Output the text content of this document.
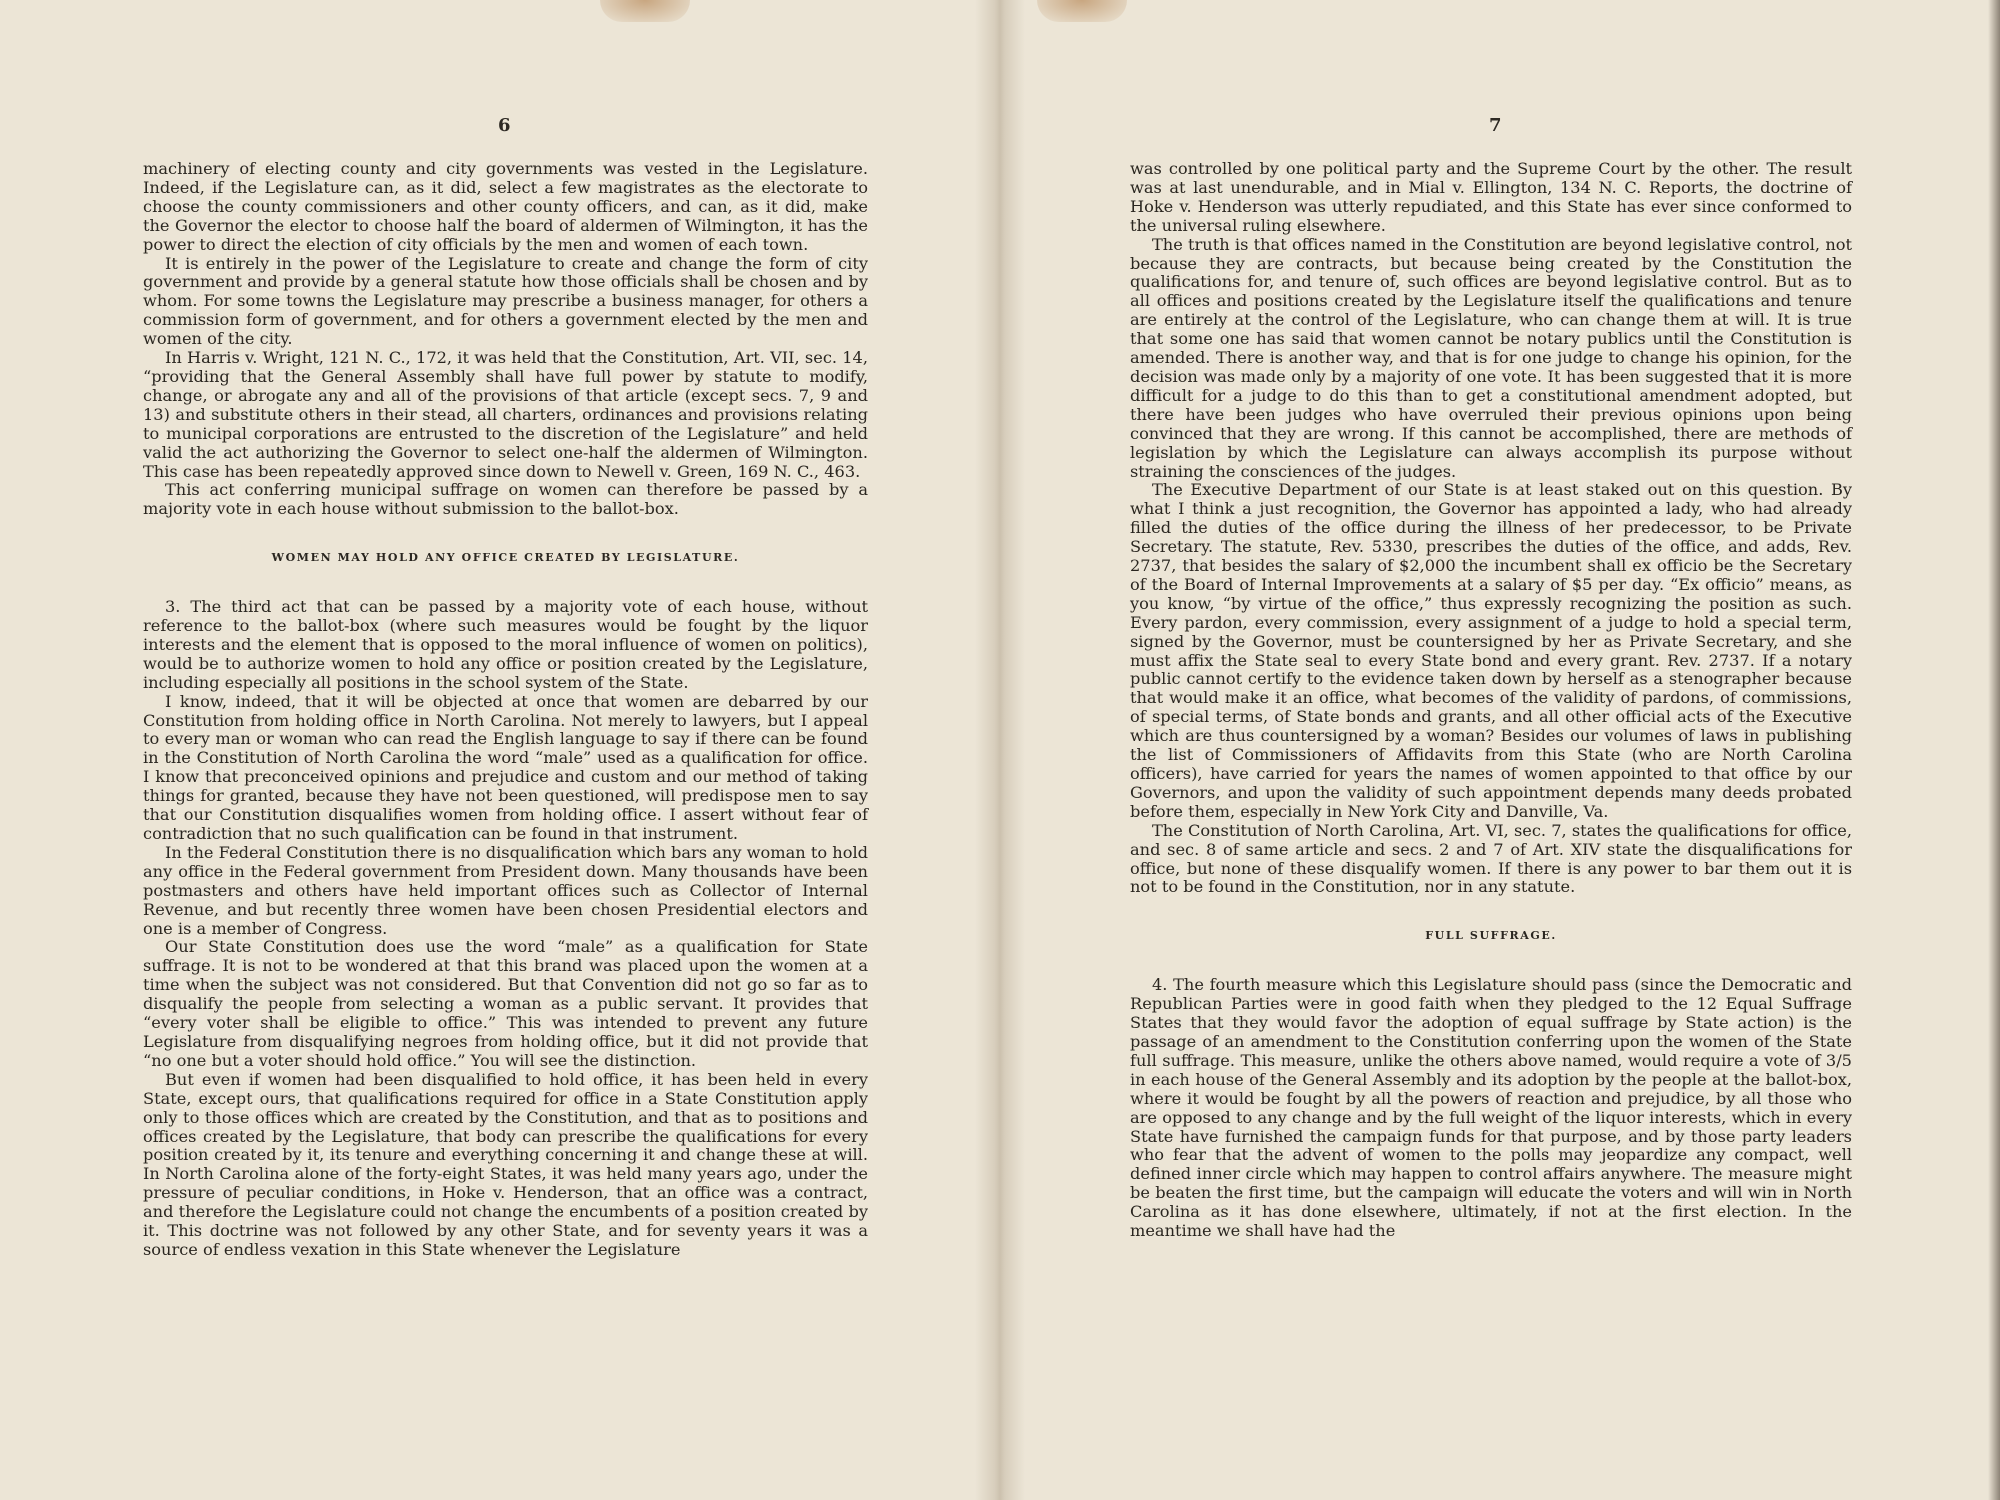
6

machinery of electing county and city governments was vested in the Legislature. Indeed, if the Legislature can, as it did, select a few magistrates as the electorate to choose the county commissioners and other county officers, and can, as it did, make the Governor the elector to choose half the board of aldermen of Wilmington, it has the power to direct the election of city officials by the men and women of each town.

It is entirely in the power of the Legislature to create and change the form of city government and provide by a general statute how those officials shall be chosen and by whom. For some towns the Legislature may prescribe a business manager, for others a commission form of government, and for others a government elected by the men and women of the city.

In Harris v. Wright, 121 N. C., 172, it was held that the Constitution, Art. VII, sec. 14, “providing that the General Assembly shall have full power by statute to modify, change, or abrogate any and all of the provisions of that article (except secs. 7, 9 and 13) and substitute others in their stead, all charters, ordinances and provisions relating to municipal corporations are entrusted to the discretion of the Legislature” and held valid the act authorizing the Governor to select one-half the aldermen of Wilmington. This case has been repeatedly approved since down to Newell v. Green, 169 N. C., 463.

This act conferring municipal suffrage on women can therefore be passed by a majority vote in each house without submission to the ballot-box.

WOMEN MAY HOLD ANY OFFICE CREATED BY LEGISLATURE.

3. The third act that can be passed by a majority vote of each house, without reference to the ballot-box (where such measures would be fought by the liquor interests and the element that is opposed to the moral influence of women on politics), would be to authorize women to hold any office or position created by the Legislature, including especially all positions in the school system of the State.

I know, indeed, that it will be objected at once that women are debarred by our Constitution from holding office in North Carolina. Not merely to lawyers, but I appeal to every man or woman who can read the English language to say if there can be found in the Constitution of North Carolina the word “male” used as a qualification for office. I know that preconceived opinions and prejudice and custom and our method of taking things for granted, because they have not been questioned, will predispose men to say that our Constitution disqualifies women from holding office. I assert without fear of contradiction that no such qualification can be found in that instrument.

In the Federal Constitution there is no disqualification which bars any woman to hold any office in the Federal government from President down. Many thousands have been postmasters and others have held important offices such as Collector of Internal Revenue, and but recently three women have been chosen Presidential electors and one is a member of Congress.

Our State Constitution does use the word “male” as a qualification for State suffrage. It is not to be wondered at that this brand was placed upon the women at a time when the subject was not considered. But that Convention did not go so far as to disqualify the people from selecting a woman as a public servant. It provides that “every voter shall be eligible to office.” This was intended to prevent any future Legislature from disqualifying negroes from holding office, but it did not provide that “no one but a voter should hold office.” You will see the distinction.

But even if women had been disqualified to hold office, it has been held in every State, except ours, that qualifications required for office in a State Constitution apply only to those offices which are created by the Constitution, and that as to positions and offices created by the Legislature, that body can prescribe the qualifications for every position created by it, its tenure and everything concerning it and change these at will. In North Carolina alone of the forty-eight States, it was held many years ago, under the pressure of peculiar conditions, in Hoke v. Henderson, that an office was a contract, and therefore the Legislature could not change the encumbents of a position created by it. This doctrine was not followed by any other State, and for seventy years it was a source of endless vexation in this State whenever the Legislature

7

was controlled by one political party and the Supreme Court by the other. The result was at last unendurable, and in Mial v. Ellington, 134 N. C. Reports, the doctrine of Hoke v. Henderson was utterly repudiated, and this State has ever since conformed to the universal ruling elsewhere.

The truth is that offices named in the Constitution are beyond legislative control, not because they are contracts, but because being created by the Constitution the qualifications for, and tenure of, such offices are beyond legislative control. But as to all offices and positions created by the Legislature itself the qualifications and tenure are entirely at the control of the Legislature, who can change them at will. It is true that some one has said that women cannot be notary publics until the Constitution is amended. There is another way, and that is for one judge to change his opinion, for the decision was made only by a majority of one vote. It has been suggested that it is more difficult for a judge to do this than to get a constitutional amendment adopted, but there have been judges who have overruled their previous opinions upon being convinced that they are wrong. If this cannot be accomplished, there are methods of legislation by which the Legislature can always accomplish its purpose without straining the consciences of the judges.

The Executive Department of our State is at least staked out on this question. By what I think a just recognition, the Governor has appointed a lady, who had already filled the duties of the office during the illness of her predecessor, to be Private Secretary. The statute, Rev. 5330, prescribes the duties of the office, and adds, Rev. 2737, that besides the salary of $2,000 the incumbent shall ex officio be the Secretary of the Board of Internal Improvements at a salary of $5 per day. “Ex officio” means, as you know, “by virtue of the office,” thus expressly recognizing the position as such. Every pardon, every commission, every assignment of a judge to hold a special term, signed by the Governor, must be countersigned by her as Private Secretary, and she must affix the State seal to every State bond and every grant. Rev. 2737. If a notary public cannot certify to the evidence taken down by herself as a stenographer because that would make it an office, what becomes of the validity of pardons, of commissions, of special terms, of State bonds and grants, and all other official acts of the Executive which are thus countersigned by a woman? Besides our volumes of laws in publishing the list of Commissioners of Affidavits from this State (who are North Carolina officers), have carried for years the names of women appointed to that office by our Governors, and upon the validity of such appointment depends many deeds probated before them, especially in New York City and Danville, Va.

The Constitution of North Carolina, Art. VI, sec. 7, states the qualifications for office, and sec. 8 of same article and secs. 2 and 7 of Art. XIV state the disqualifications for office, but none of these disqualify women. If there is any power to bar them out it is not to be found in the Constitution, nor in any statute.

FULL SUFFRAGE.

4. The fourth measure which this Legislature should pass (since the Democratic and Republican Parties were in good faith when they pledged to the 12 Equal Suffrage States that they would favor the adoption of equal suffrage by State action) is the passage of an amendment to the Constitution conferring upon the women of the State full suffrage. This measure, unlike the others above named, would require a vote of 3/5 in each house of the General Assembly and its adoption by the people at the ballot-box, where it would be fought by all the powers of reaction and prejudice, by all those who are opposed to any change and by the full weight of the liquor interests, which in every State have furnished the campaign funds for that purpose, and by those party leaders who fear that the advent of women to the polls may jeopardize any compact, well defined inner circle which may happen to control affairs anywhere. The measure might be beaten the first time, but the campaign will educate the voters and will win in North Carolina as it has done elsewhere, ultimately, if not at the first election. In the meantime we shall have had the
